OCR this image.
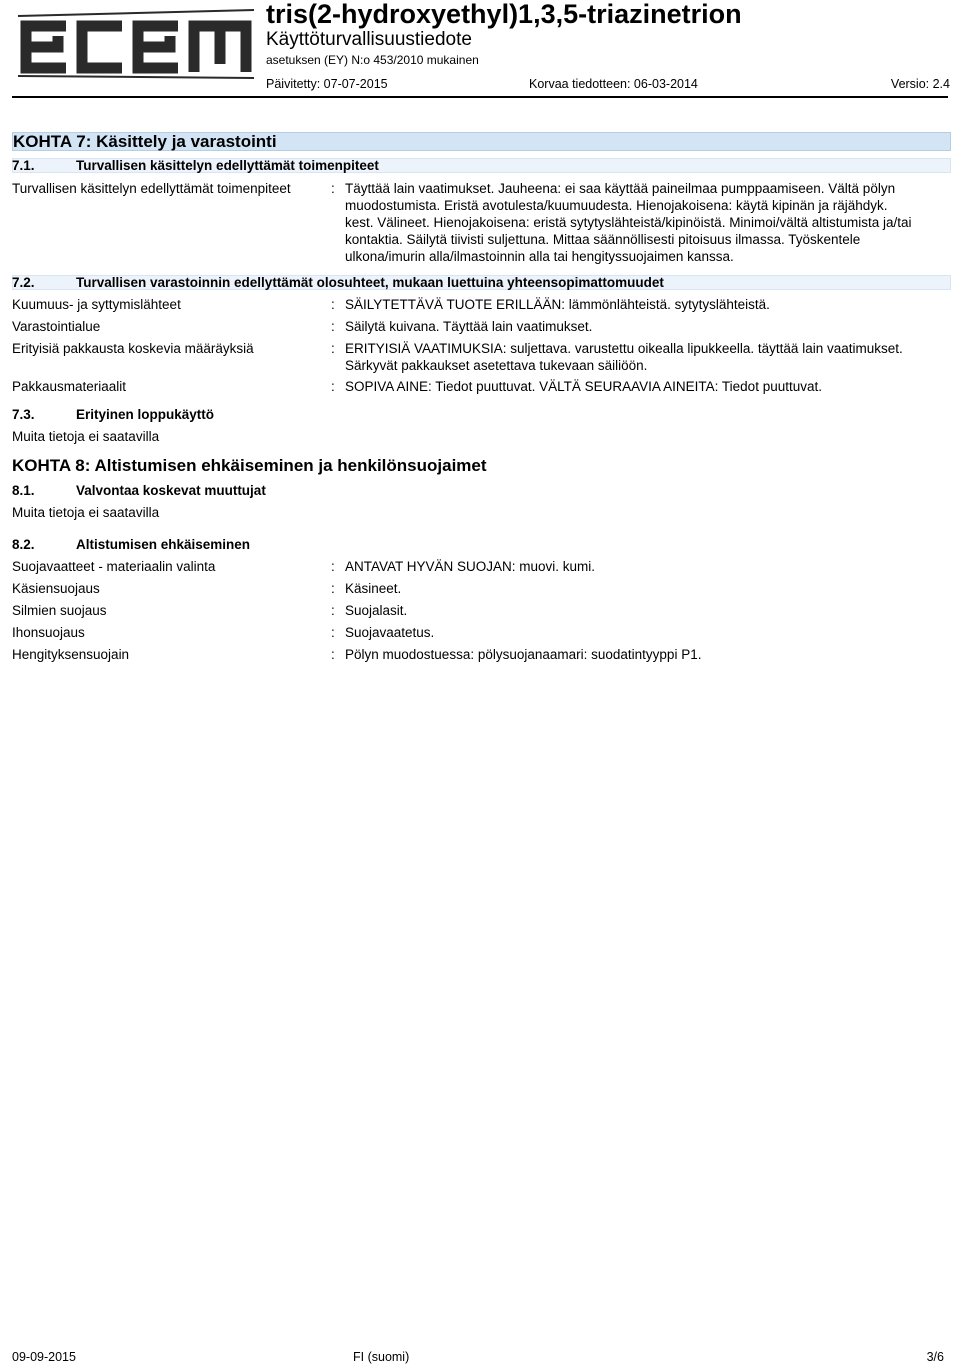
tris(2-hydroxyethyl)1,3,5-triazinetrion
Käyttöturvallisuustiedote
asetuksen (EY) N:o 453/2010 mukainen
Päivitetty: 07-07-2015	Korvaa tiedotteen: 06-03-2014	Versio: 2.4
KOHTA 7: Käsittely ja varastointi
7.1.	Turvallisen käsittelyn edellyttämät toimenpiteet
Turvallisen käsittelyn edellyttämät toimenpiteet	: Täyttää lain vaatimukset. Jauheena: ei saa käyttää paineilmaa pumppaamiseen. Vältä pölyn
muodostumista. Eristä avotulesta/kuumuudesta. Hienojakoisena: käytä kipinän ja räjähdyk.
kest. Välineet. Hienojakoisena: eristä sytytyslähteistä/kipinöistä. Minimoi/vältä altistumista ja/tai
kontaktia. Säilytä tiivisti suljettuna. Mittaa säännöllisesti pitoisuus ilmassa. Työskentele
ulkona/imurin alla/ilmastoinnin alla tai hengityssuojaimen kanssa.
7.2.	Turvallisen varastoinnin edellyttämät olosuhteet, mukaan luettuina yhteensopimattomuudet
Kuumuus- ja syttymislähteet	: SÄILYTETTÄVÄ TUOTE ERILLÄÄN: lämmönlähteistä. sytytyslähteistä.
Varastointialue	: Säilytä kuivana. Täyttää lain vaatimukset.
Erityisiä pakkausta koskevia määräyksiä	: ERITYISIÄ VAATIMUKSIA: suljettava. varustettu oikealla lipukkeella. täyttää lain vaatimukset.
Särkyvät pakkaukset asetettava tukevaan säiliöön.
Pakkausmateriaalit	: SOPIVA AINE: Tiedot puuttuvat. VÄLTÄ SEURAAVIA AINEITA: Tiedot puuttuvat.
7.3.	Erityinen loppukäyttö
Muita tietoja ei saatavilla
KOHTA 8: Altistumisen ehkäiseminen ja henkilönsuojaimet
8.1.	Valvontaa koskevat muuttujat
Muita tietoja ei saatavilla
8.2.	Altistumisen ehkäiseminen
Suojavaatteet - materiaalin valinta	: ANTAVAT HYVÄN SUOJAN: muovi. kumi.
Käsiensuojaus	: Käsineet.
Silmien suojaus	: Suojalasit.
Ihonsuojaus	: Suojavaatetus.
Hengityksensuojain	: Pölyn muodostuessa: pölysuojanaamari: suodatintyyppi P1.
09-09-2015	FI (suomi)	3/6
